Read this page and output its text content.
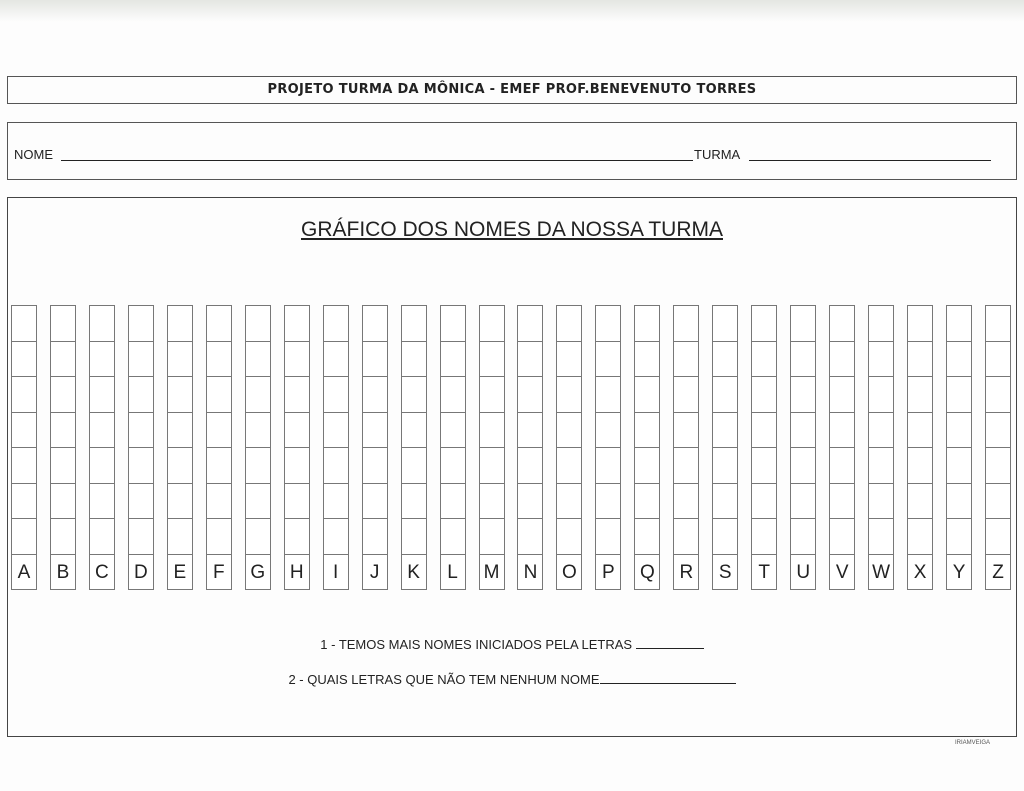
PROJETO TURMA DA MÔNICA - EMEF PROF.BENEVENUTO TORRES
NOME	TURMA
GRÁFICO DOS NOMES DA NOSSA TURMA
A	B	C	D	E	F	G	H	I	J	K	L	M	N	O	P	Q	R	S	T	U	V	W	X	Y	Z
1 - TEMOS MAIS NOMES INICIADOS PELA LETRAS
2 - QUAIS LETRAS QUE NÃO TEM NENHUM NOME
IRIAMVEIGA
